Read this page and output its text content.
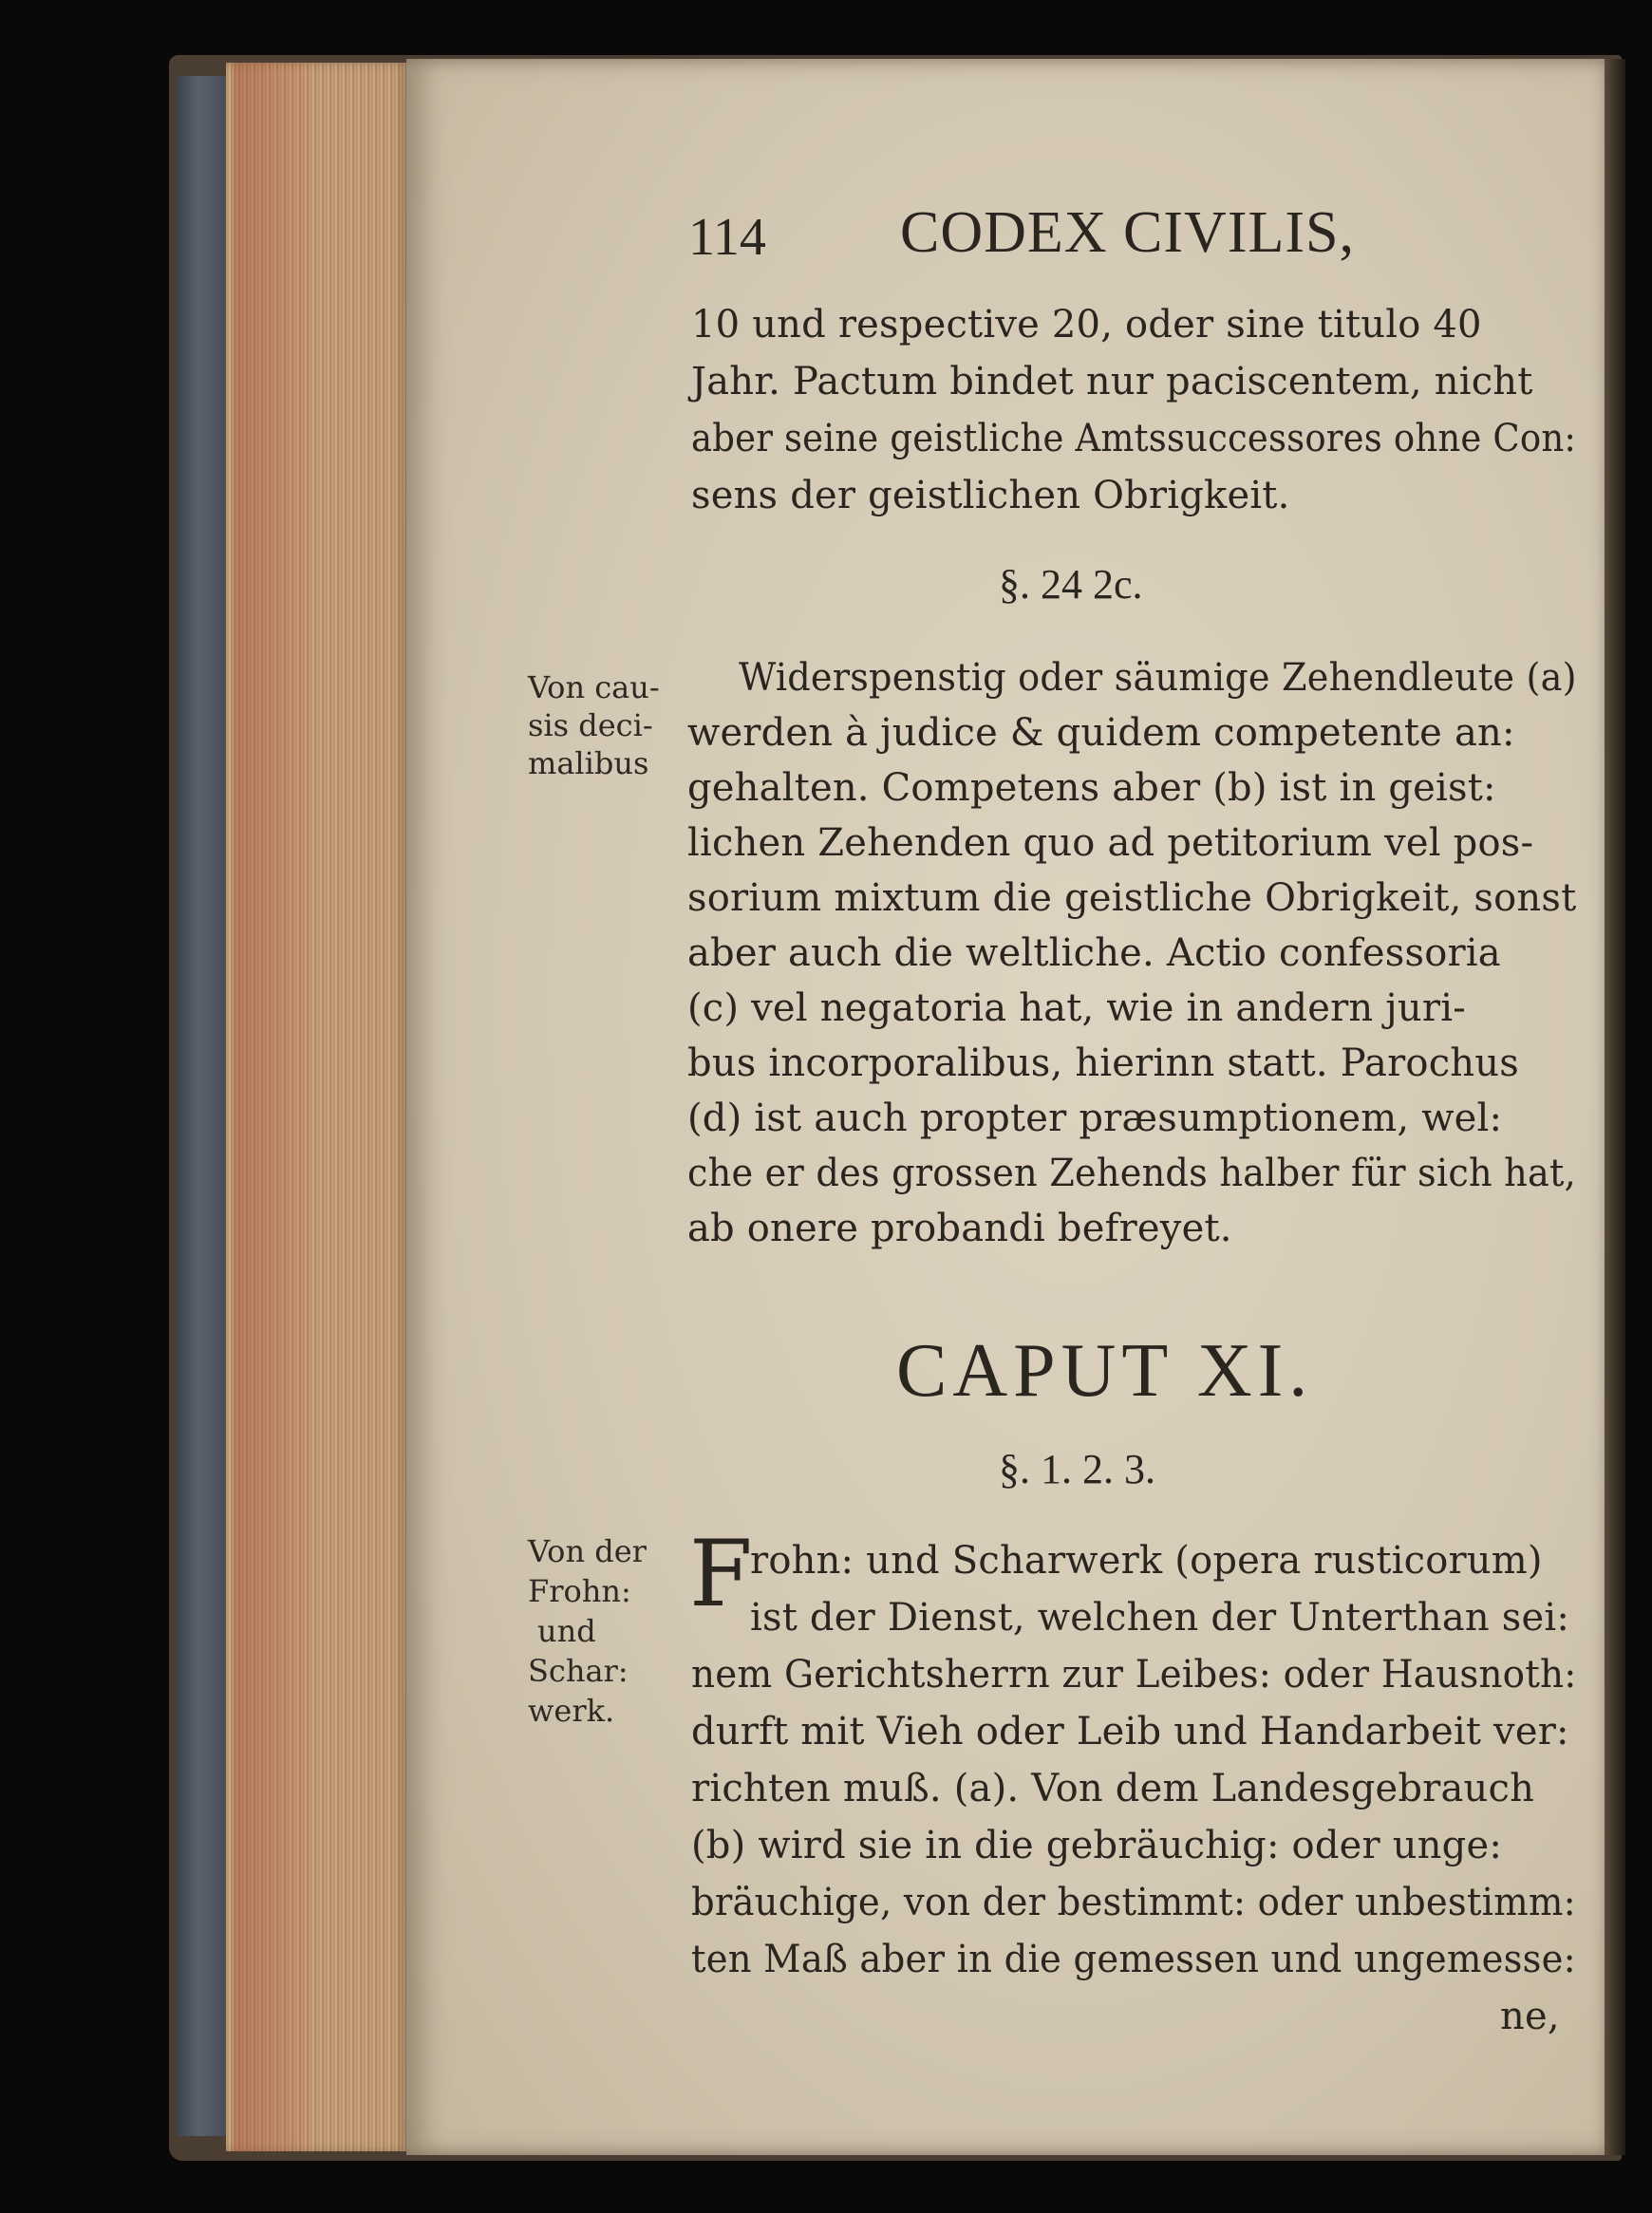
114 CODEX CIVILIS,

10 und respective 20, oder sine titulo 40

Jahr. Pactum bindet nur paciscentem, nicht

aber seine geistliche Amtssuccessores ohne Con:

sens der geistlichen Obrigkeit.

§. 24 2c.

Von cau-

sis deci-

malibus

Widerspenstig oder säumige Zehendleute (a)

werden à judice & quidem competente an:

gehalten. Competens aber (b) ist in geist:

lichen Zehenden quo ad petitorium vel pos-

sorium mixtum die geistliche Obrigkeit, sonst

aber auch die weltliche. Actio confessoria

(c) vel negatoria hat, wie in andern juri-

bus incorporalibus, hierinn statt. Parochus

(d) ist auch propter præsumptionem, wel:

che er des grossen Zehends halber für sich hat,

ab onere probandi befreyet.

CAPUT XI.

§. 1. 2. 3.

Von der

Frohn:

und

Schar:

werk.

F

rohn: und Scharwerk (opera rusticorum)

ist der Dienst, welchen der Unterthan sei:

nem Gerichtsherrn zur Leibes: oder Hausnoth:

durft mit Vieh oder Leib und Handarbeit ver:

richten muß. (a). Von dem Landesgebrauch

(b) wird sie in die gebräuchig: oder unge:

bräuchige, von der bestimmt: oder unbestimm:

ten Maß aber in die gemessen und ungemesse:

ne,
